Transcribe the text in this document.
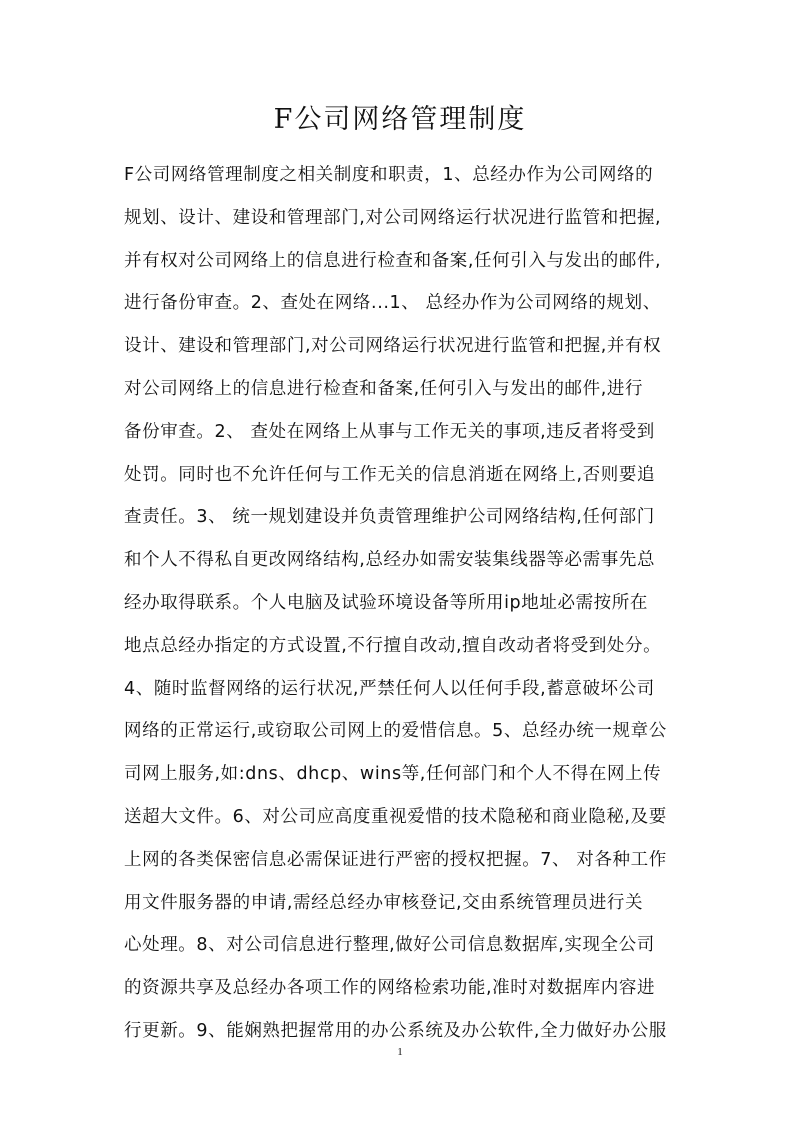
F公司网络管理制度
F公司网络管理制度之相关制度和职责，1、总经办作为公司网络的
规划、设计、建设和管理部门,对公司网络运行状况进行监管和把握,
并有权对公司网络上的信息进行检查和备案,任何引入与发出的邮件,
进行备份审查。2、查处在网络...1、 总经办作为公司网络的规划、
设计、建设和管理部门,对公司网络运行状况进行监管和把握,并有权
对公司网络上的信息进行检查和备案,任何引入与发出的邮件,进行
备份审查。2、 查处在网络上从事与工作无关的事项,违反者将受到
处罚。同时也不允许任何与工作无关的信息消逝在网络上,否则要追
查责任。3、 统一规划建设并负责管理维护公司网络结构,任何部门
和个人不得私自更改网络结构,总经办如需安装集线器等必需事先总
经办取得联系。个人电脑及试验环境设备等所用ip地址必需按所在
地点总经办指定的方式设置,不行擅自改动,擅自改动者将受到处分。
4、随时监督网络的运行状况,严禁任何人以任何手段,蓄意破坏公司
网络的正常运行,或窃取公司网上的爱惜信息。5、总经办统一规章公
司网上服务,如:dns、dhcp、wins等,任何部门和个人不得在网上传
送超大文件。6、对公司应高度重视爱惜的技术隐秘和商业隐秘,及要
上网的各类保密信息必需保证进行严密的授权把握。7、 对各种工作
用文件服务器的申请,需经总经办审核登记,交由系统管理员进行关
心处理。8、对公司信息进行整理,做好公司信息数据库,实现全公司
的资源共享及总经办各项工作的网络检索功能,准时对数据库内容进
行更新。9、能娴熟把握常用的办公系统及办公软件,全力做好办公服
1
